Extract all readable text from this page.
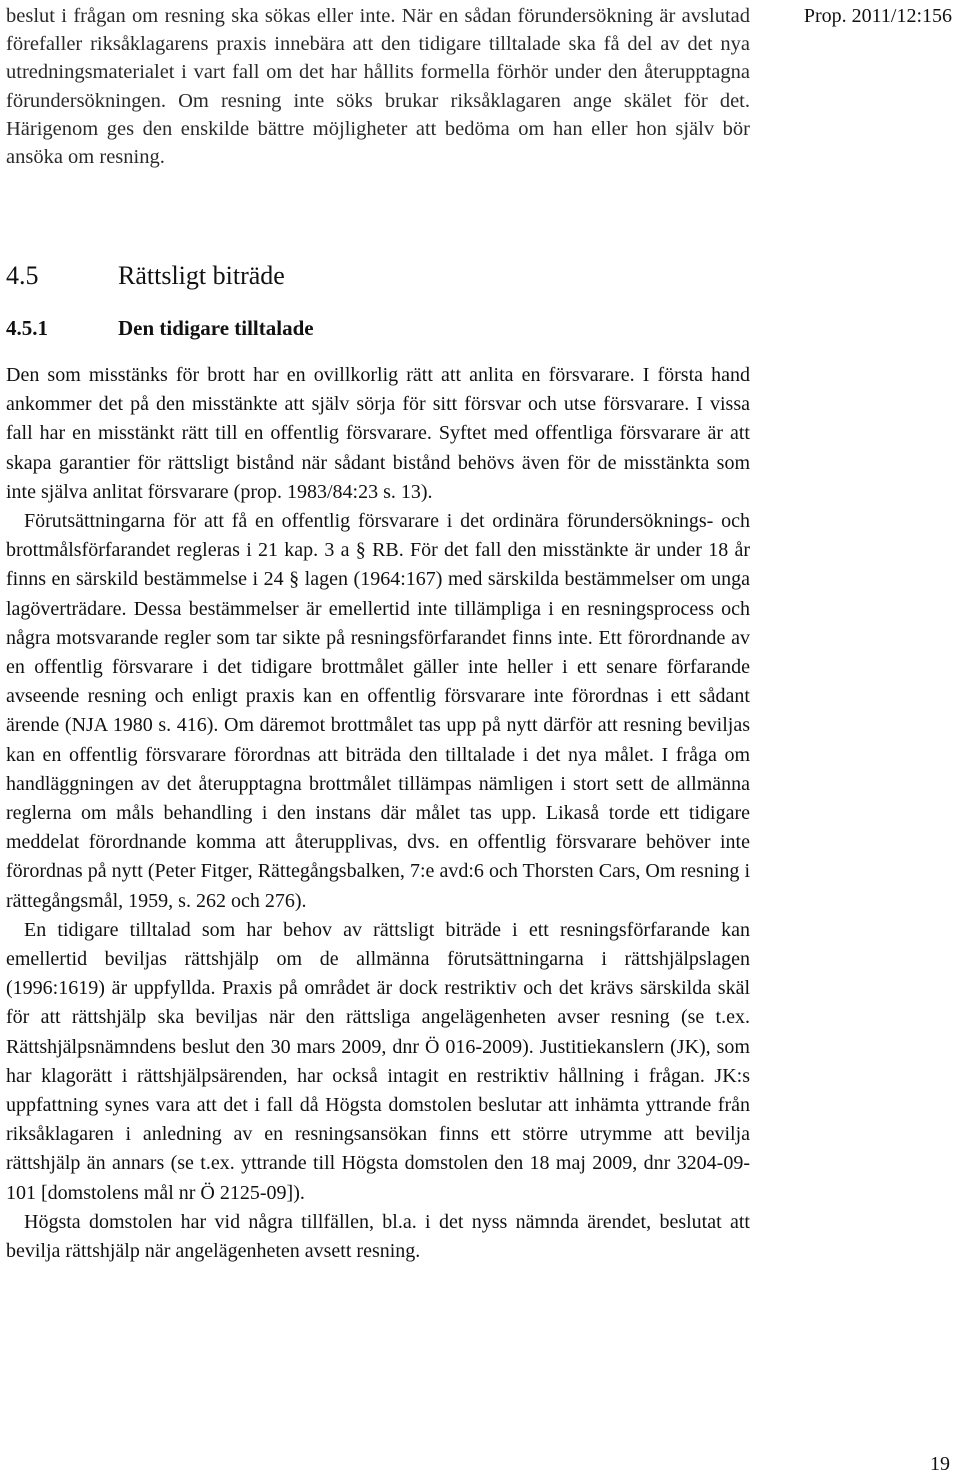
Prop. 2011/12:156

beslut i frågan om resning ska sökas eller inte. När en sådan förundersökning är avslutad förefaller riksåklagarens praxis innebära att den tidigare tilltalade ska få del av det nya utredningsmaterialet i vart fall om det har hållits formella förhör under den återupptagna förundersökningen. Om resning inte söks brukar riksåklagaren ange skälet för det. Härigenom ges den enskilde bättre möjligheter att bedöma om han eller hon själv bör ansöka om resning.

4.5	Rättsligt biträde
4.5.1	Den tidigare tilltalade

Den som misstänks för brott har en ovillkorlig rätt att anlita en försvarare. I första hand ankommer det på den misstänkte att själv sörja för sitt försvar och utse försvarare. I vissa fall har en misstänkt rätt till en offentlig försvarare. Syftet med offentliga försvarare är att skapa garantier för rättsligt bistånd när sådant bistånd behövs även för de misstänkta som inte själva anlitat försvarare (prop. 1983/84:23 s. 13).

Förutsättningarna för att få en offentlig försvarare i det ordinära förundersöknings- och brottmålsförfarandet regleras i 21 kap. 3 a § RB. För det fall den misstänkte är under 18 år finns en särskild bestämmelse i 24 § lagen (1964:167) med särskilda bestämmelser om unga lagöverträdare. Dessa bestämmelser är emellertid inte tillämpliga i en resningsprocess och några motsvarande regler som tar sikte på resningsförfarandet finns inte. Ett förordnande av en offentlig försvarare i det tidigare brottmålet gäller inte heller i ett senare förfarande avseende resning och enligt praxis kan en offentlig försvarare inte förordnas i ett sådant ärende (NJA 1980 s. 416). Om däremot brottmålet tas upp på nytt därför att resning beviljas kan en offentlig försvarare förordnas att biträda den tilltalade i det nya målet. I fråga om handläggningen av det återupptagna brottmålet tillämpas nämligen i stort sett de allmänna reglerna om måls behandling i den instans där målet tas upp. Likaså torde ett tidigare meddelat förordnande komma att återupplivas, dvs. en offentlig försvarare behöver inte förordnas på nytt (Peter Fitger, Rättegångsbalken, 7:e avd:6 och Thorsten Cars, Om resning i rättegångsmål, 1959, s. 262 och 276).

En tidigare tilltalad som har behov av rättsligt biträde i ett resningsförfarande kan emellertid beviljas rättshjälp om de allmänna förutsättningarna i rättshjälpslagen (1996:1619) är uppfyllda. Praxis på området är dock restriktiv och det krävs särskilda skäl för att rättshjälp ska beviljas när den rättsliga angelägenheten avser resning (se t.ex. Rättshjälpsnämndens beslut den 30 mars 2009, dnr Ö 016-2009). Justitiekanslern (JK), som har klagorätt i rättshjälpsärenden, har också intagit en restriktiv hållning i frågan. JK:s uppfattning synes vara att det i fall då Högsta domstolen beslutar att inhämta yttrande från riksåklagaren i anledning av en resningsansökan finns ett större utrymme att bevilja rättshjälp än annars (se t.ex. yttrande till Högsta domstolen den 18 maj 2009, dnr 3204-09-101 [domstolens mål nr Ö 2125-09]).

Högsta domstolen har vid några tillfällen, bl.a. i det nyss nämnda ärendet, beslutat att bevilja rättshjälp när angelägenheten avsett resning.

19
